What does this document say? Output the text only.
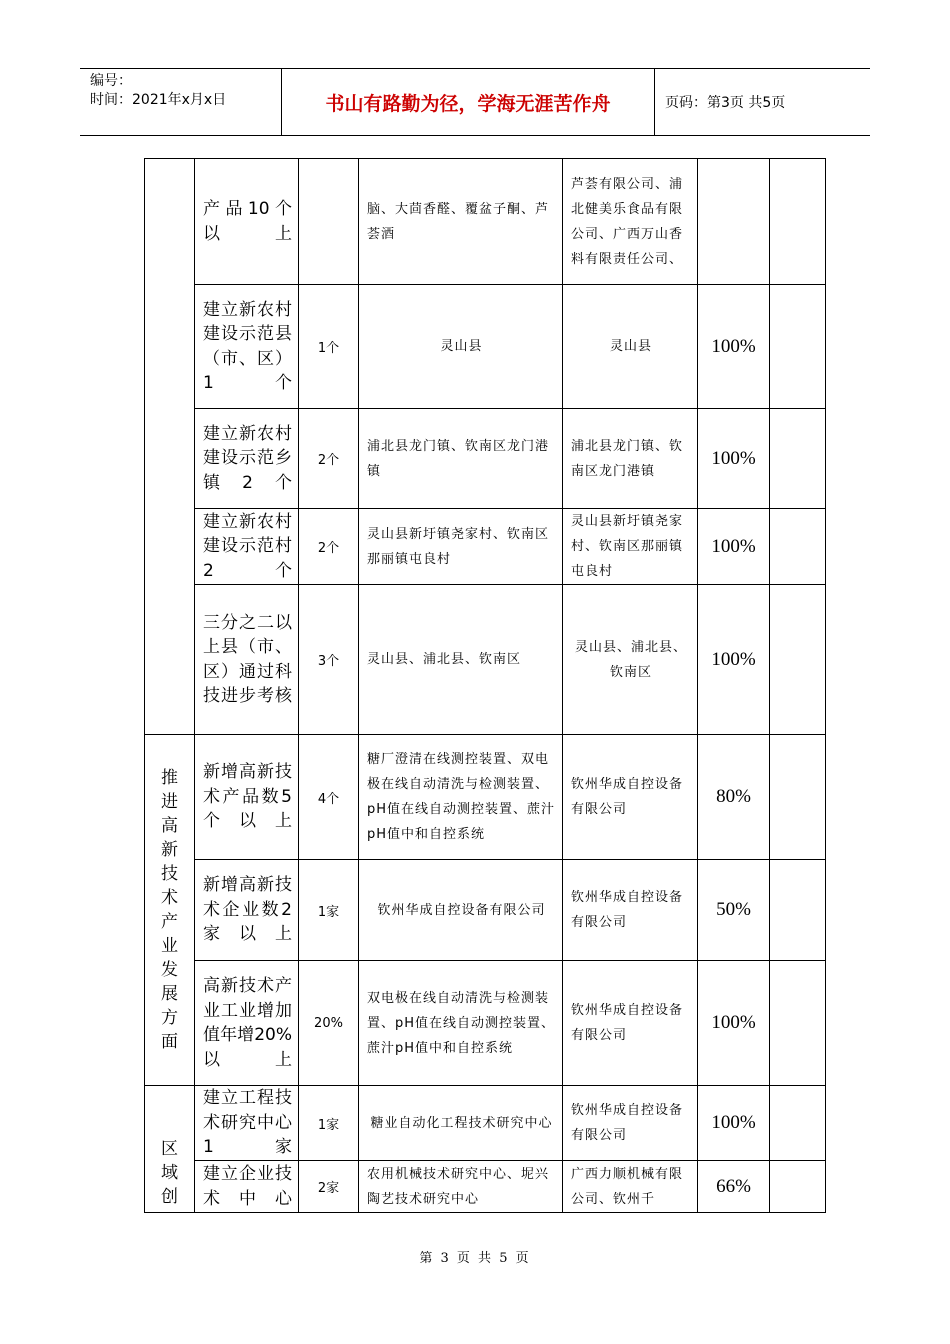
编号：
时间：2021年x月x日	书山有路勤为径，学海无涯苦作舟	页码：第3页 共5页
	产品10个以上		脑、大茴香醛、覆盆子酮、芦荟酒	芦荟有限公司、浦北健美乐食品有限公司、广西万山香料有限责任公司、		
	建立新农村建设示范县（市、区）1个	1个	灵山县	灵山县	100%	
	建立新农村建设示范乡镇2个	2个	浦北县龙门镇、钦南区龙门港镇	浦北县龙门镇、钦南区龙门港镇	100%	
	建立新农村建设示范村2个	2个	灵山县新圩镇尧家村、钦南区那丽镇屯良村	灵山县新圩镇尧家村、钦南区那丽镇屯良村	100%	
	三分之二以上县（市、区）通过科技进步考核	3个	灵山县、浦北县、钦南区	灵山县、浦北县、钦南区	100%	
推进高新技术产业发展方面	新增高新技术产品数5个以上	4个	糖厂澄清在线测控装置、双电极在线自动清洗与检测装置、pH值在线自动测控装置、蔗汁pH值中和自控系统	钦州华成自控设备有限公司	80%	
	新增高新技术企业数2家以上	1家	钦州华成自控设备有限公司	钦州华成自控设备有限公司	50%	
	高新技术产业工业增加值年增20%以上	20%	双电极在线自动清洗与检测装置、pH值在线自动测控装置、蔗汁pH值中和自控系统	钦州华成自控设备有限公司	100%	
区域创	建立工程技术研究中心1家	1家	糖业自动化工程技术研究中心	钦州华成自控设备有限公司	100%	
	建立企业技术中心	2家	农用机械技术研究中心、坭兴陶艺技术研究中心	广西力顺机械有限公司、钦州千	66%	
第 3 页 共 5 页
